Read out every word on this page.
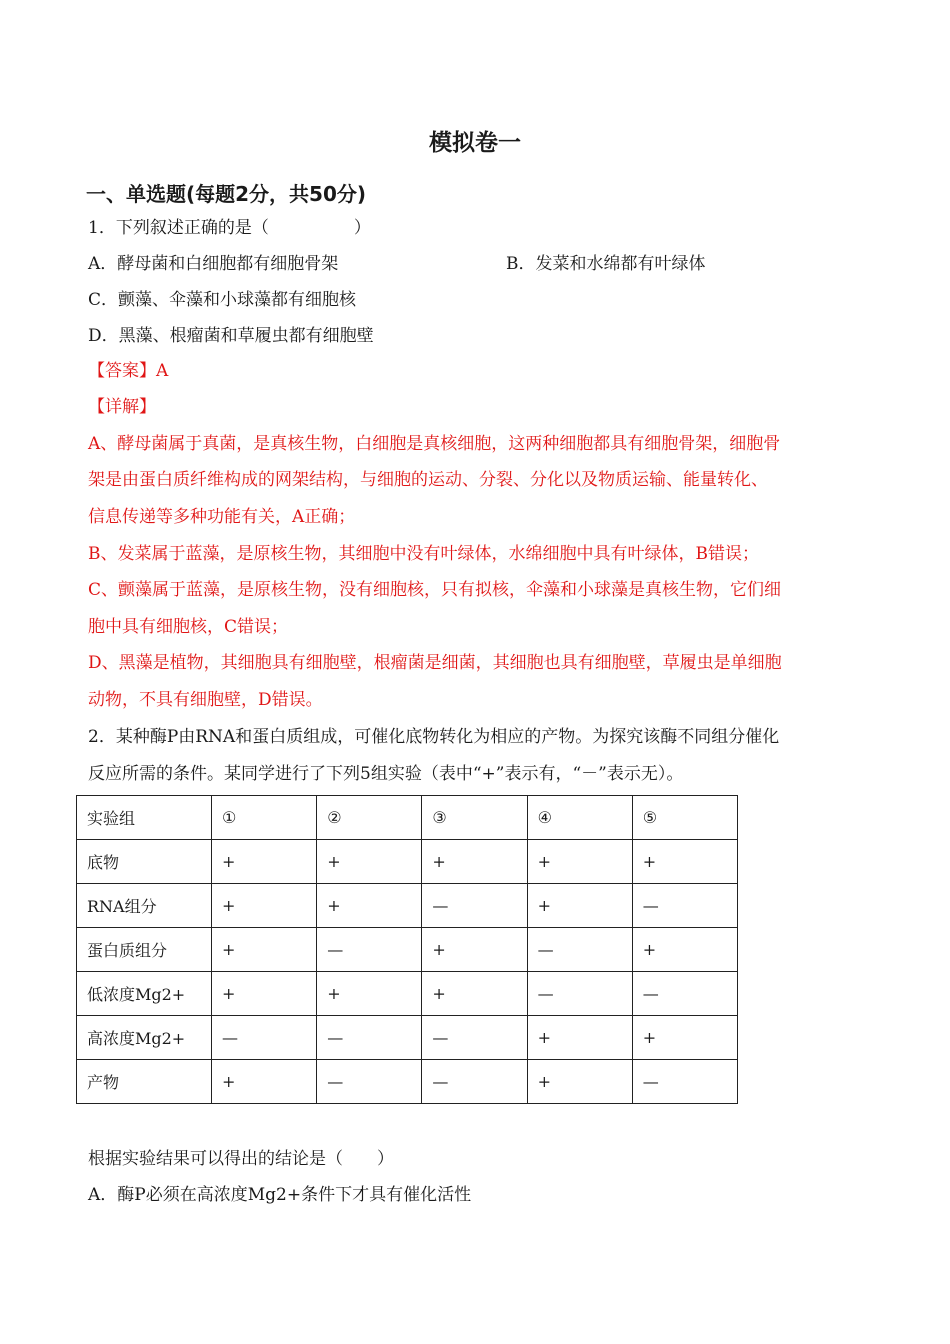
模拟卷一
一、单选题(每题2分，共50分)
1．下列叙述正确的是（　　　　　）
A．酵母菌和白细胞都有细胞骨架	B．发菜和水绵都有叶绿体
C．颤藻、伞藻和小球藻都有细胞核
D．黑藻、根瘤菌和草履虫都有细胞壁
【答案】A
【详解】
A、酵母菌属于真菌，是真核生物，白细胞是真核细胞，这两种细胞都具有细胞骨架，细胞骨
架是由蛋白质纤维构成的网架结构，与细胞的运动、分裂、分化以及物质运输、能量转化、
信息传递等多种功能有关，A正确；
B、发菜属于蓝藻，是原核生物，其细胞中没有叶绿体，水绵细胞中具有叶绿体，B错误；
C、颤藻属于蓝藻，是原核生物，没有细胞核，只有拟核，伞藻和小球藻是真核生物，它们细
胞中具有细胞核，C错误；
D、黑藻是植物，其细胞具有细胞壁，根瘤菌是细菌，其细胞也具有细胞壁，草履虫是单细胞
动物，不具有细胞壁，D错误。
2．某种酶P由RNA和蛋白质组成，可催化底物转化为相应的产物。为探究该酶不同组分催化
反应所需的条件。某同学进行了下列5组实验（表中“+”表示有，“－”表示无）。
实验组	①	②	③	④	⑤
底物	+	+	+	+	+
RNA组分	+	+	—	+	—
蛋白质组分	+	—	+	—	+
低浓度Mg2+	+	+	+	—	—
高浓度Mg2+	—	—	—	+	+
产物	+	—	—	+	—
根据实验结果可以得出的结论是（　　）
A．酶P必须在高浓度Mg2+条件下才具有催化活性
